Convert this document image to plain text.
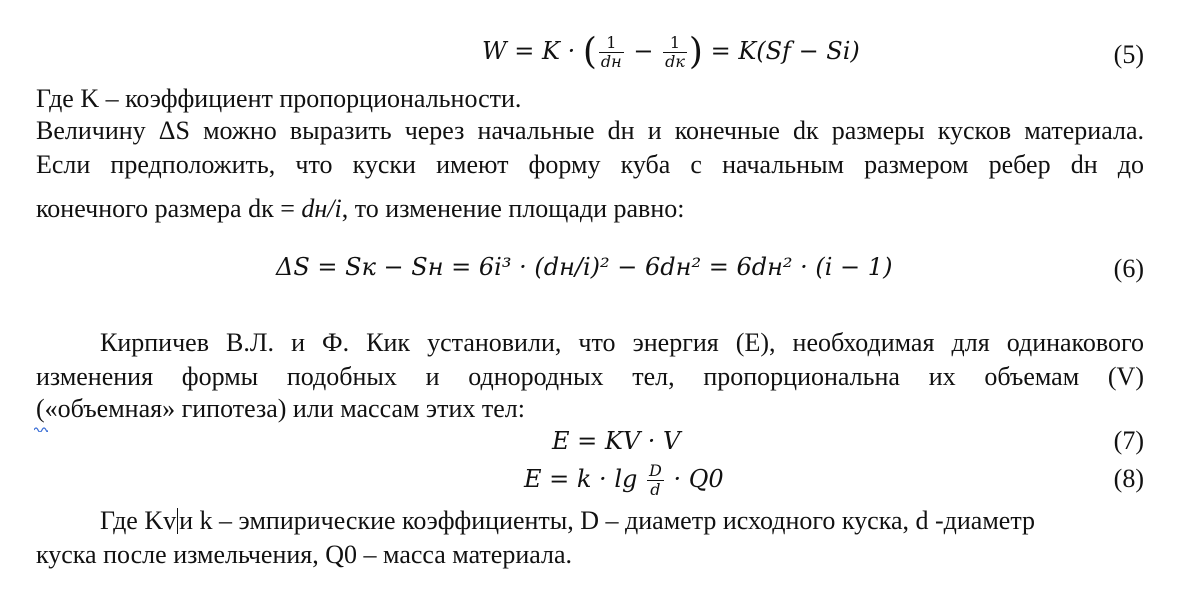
W = K · ( $\frac{1}{dн} - \frac{1}{dк}$ ) = K(Sf − Si)	(5)
Где K – коэффициент пропорциональности.
Величину ΔS можно выразить через начальные dн и конечные dк размеры кусков материала.
Если предположить, что куски имеют форму куба с начальным размером ребер dн до
конечного размера dк = dн/i, то изменение площади равно:
ΔS = Sк − Sн = 6i³ · (dн/i)² − 6dн² = 6dн² · (i − 1)	(6)
Кирпичев В.Л. и Ф. Кик установили, что энергия (E), необходимая для одинакового
изменения формы подобных и однородных тел, пропорциональна их объемам (V)
(«объемная» гипотеза) или массам этих тел:
E = KV · V	(7)
$E = k \cdot \lg \frac{D}{d} \cdot Q0$	(8)
Где Kv и k – эмпирические коэффициенты, D – диаметр исходного куска, d -диаметр
куска после измельчения, Q0 – масса материала.
